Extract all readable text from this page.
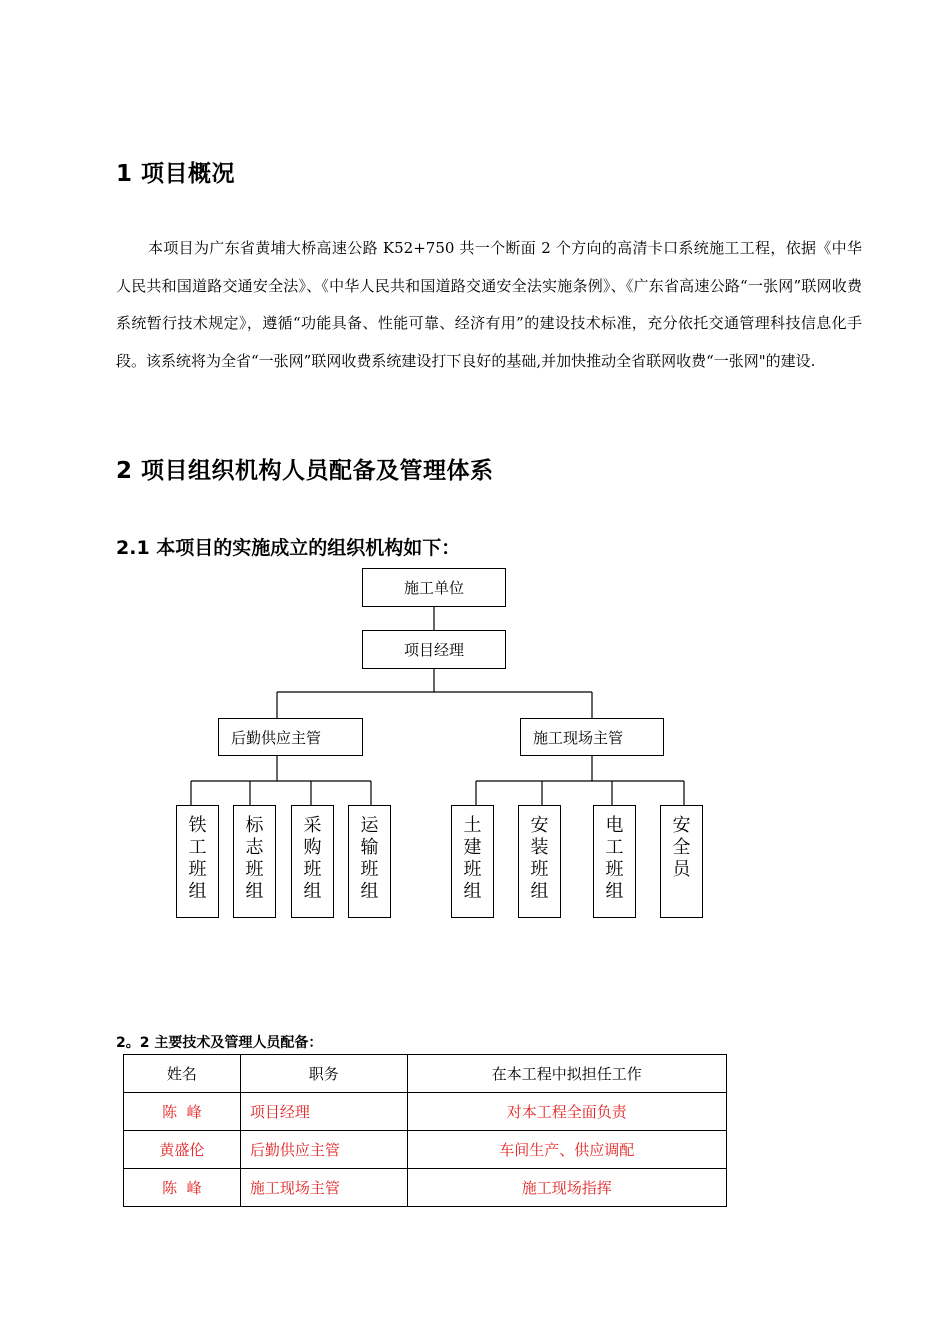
1 项目概况

本项目为广东省黄埔大桥高速公路 K52+750 共一个断面 2 个方向的高清卡口系统施工工程，依据《中华人民共和国道路交通安全法》、《中华人民共和国道路交通安全法实施条例》、《广东省高速公路“一张网”联网收费系统暂行技术规定》，遵循“功能具备、性能可靠、经济有用”的建设技术标准，充分依托交通管理科技信息化手段。该系统将为全省“一张网”联网收费系统建设打下良好的基础,并加快推动全省联网收费“一张网"的建设.

2 项目组织机构人员配备及管理体系
2.1 本项目的实施成立的组织机构如下：
施工单位
项目经理
后勤供应主管	施工现场主管
铁
工
班
组
标
志
班
组
采
购
班
组
运
输
班
组
土
建
班
组
安
装
班
组
电
工
班
组
安
全
员
2。2 主要技术及管理人员配备：
姓名	职务	在本工程中拟担任工作
陈  峰	项目经理	对本工程全面负责
黄盛伦	后勤供应主管	车间生产、供应调配
陈  峰	施工现场主管	施工现场指挥
